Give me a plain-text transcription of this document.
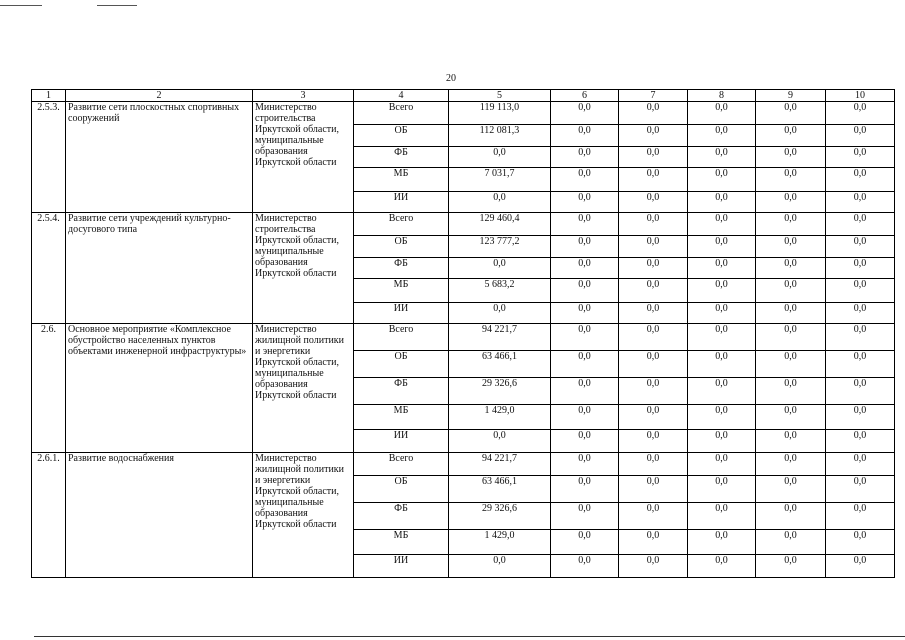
20
1	2	3	4	5	6	7	8	9	10
2.5.3.	Развитие сети плоскостных спортивных сооружений	Министерство строительства Иркутской области, муниципальные образования Иркутской области	Всего	119 113,0	0,0	0,0	0,0	0,0	0,0
			ОБ	112 081,3	0,0	0,0	0,0	0,0	0,0
			ФБ	0,0	0,0	0,0	0,0	0,0	0,0
			МБ	7 031,7	0,0	0,0	0,0	0,0	0,0
			ИИ	0,0	0,0	0,0	0,0	0,0	0,0
2.5.4.	Развитие сети учреждений культурно-досугового типа	Министерство строительства Иркутской области, муниципальные образования Иркутской области	Всего	129 460,4	0,0	0,0	0,0	0,0	0,0
			ОБ	123 777,2	0,0	0,0	0,0	0,0	0,0
			ФБ	0,0	0,0	0,0	0,0	0,0	0,0
			МБ	5 683,2	0,0	0,0	0,0	0,0	0,0
			ИИ	0,0	0,0	0,0	0,0	0,0	0,0
2.6.	Основное мероприятие «Комплексное обустройство населенных пунктов объектами инженерной инфраструктуры»	Министерство жилищной политики и энергетики Иркутской области, муниципальные образования Иркутской области	Всего	94 221,7	0,0	0,0	0,0	0,0	0,0
			ОБ	63 466,1	0,0	0,0	0,0	0,0	0,0
			ФБ	29 326,6	0,0	0,0	0,0	0,0	0,0
			МБ	1 429,0	0,0	0,0	0,0	0,0	0,0
			ИИ	0,0	0,0	0,0	0,0	0,0	0,0
2.6.1.	Развитие водоснабжения	Министерство жилищной политики и энергетики Иркутской области, муниципальные образования Иркутской области	Всего	94 221,7	0,0	0,0	0,0	0,0	0,0
			ОБ	63 466,1	0,0	0,0	0,0	0,0	0,0
			ФБ	29 326,6	0,0	0,0	0,0	0,0	0,0
			МБ	1 429,0	0,0	0,0	0,0	0,0	0,0
			ИИ	0,0	0,0	0,0	0,0	0,0	0,0
